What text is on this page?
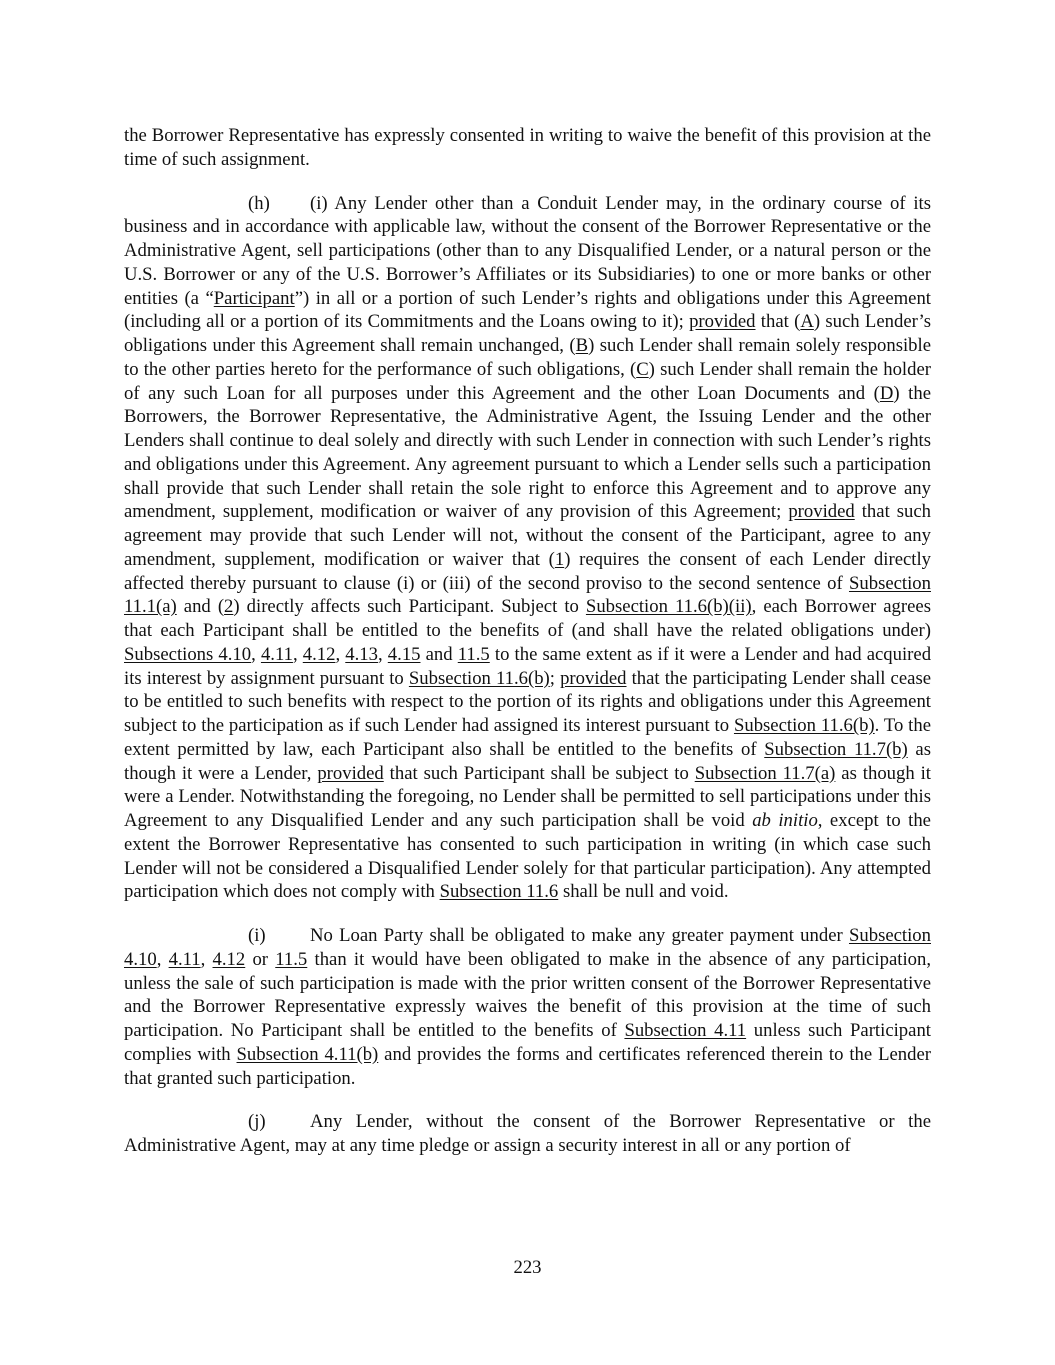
the Borrower Representative has expressly consented in writing to waive the benefit of this provision at the time of such assignment.

(h) (i) Any Lender other than a Conduit Lender may, in the ordinary course of its business and in accordance with applicable law, without the consent of the Borrower Representative or the Administrative Agent, sell participations (other than to any Disqualified Lender, or a natural person or the U.S. Borrower or any of the U.S. Borrower’s Affiliates or its Subsidiaries) to one or more banks or other entities (a “Participant”) in all or a portion of such Lender’s rights and obligations under this Agreement (including all or a portion of its Commitments and the Loans owing to it); provided that (A) such Lender’s obligations under this Agreement shall remain unchanged, (B) such Lender shall remain solely responsible to the other parties hereto for the performance of such obligations, (C) such Lender shall remain the holder of any such Loan for all purposes under this Agreement and the other Loan Documents and (D) the Borrowers, the Borrower Representative, the Administrative Agent, the Issuing Lender and the other Lenders shall continue to deal solely and directly with such Lender in connection with such Lender’s rights and obligations under this Agreement. Any agreement pursuant to which a Lender sells such a participation shall provide that such Lender shall retain the sole right to enforce this Agreement and to approve any amendment, supplement, modification or waiver of any provision of this Agreement; provided that such agreement may provide that such Lender will not, without the consent of the Participant, agree to any amendment, supplement, modification or waiver that (1) requires the consent of each Lender directly affected thereby pursuant to clause (i) or (iii) of the second proviso to the second sentence of Subsection 11.1(a) and (2) directly affects such Participant. Subject to Subsection 11.6(b)(ii), each Borrower agrees that each Participant shall be entitled to the benefits of (and shall have the related obligations under) Subsections 4.10, 4.11, 4.12, 4.13, 4.15 and 11.5 to the same extent as if it were a Lender and had acquired its interest by assignment pursuant to Subsection 11.6(b); provided that the participating Lender shall cease to be entitled to such benefits with respect to the portion of its rights and obligations under this Agreement subject to the participation as if such Lender had assigned its interest pursuant to Subsection 11.6(b). To the extent permitted by law, each Participant also shall be entitled to the benefits of Subsection 11.7(b) as though it were a Lender, provided that such Participant shall be subject to Subsection 11.7(a) as though it were a Lender. Notwithstanding the foregoing, no Lender shall be permitted to sell participations under this Agreement to any Disqualified Lender and any such participation shall be void ab initio, except to the extent the Borrower Representative has consented to such participation in writing (in which case such Lender will not be considered a Disqualified Lender solely for that particular participation). Any attempted participation which does not comply with Subsection 11.6 shall be null and void.

(i) No Loan Party shall be obligated to make any greater payment under Subsection 4.10, 4.11, 4.12 or 11.5 than it would have been obligated to make in the absence of any participation, unless the sale of such participation is made with the prior written consent of the Borrower Representative and the Borrower Representative expressly waives the benefit of this provision at the time of such participation. No Participant shall be entitled to the benefits of Subsection 4.11 unless such Participant complies with Subsection 4.11(b) and provides the forms and certificates referenced therein to the Lender that granted such participation.

(j) Any Lender, without the consent of the Borrower Representative or the Administrative Agent, may at any time pledge or assign a security interest in all or any portion of

223
